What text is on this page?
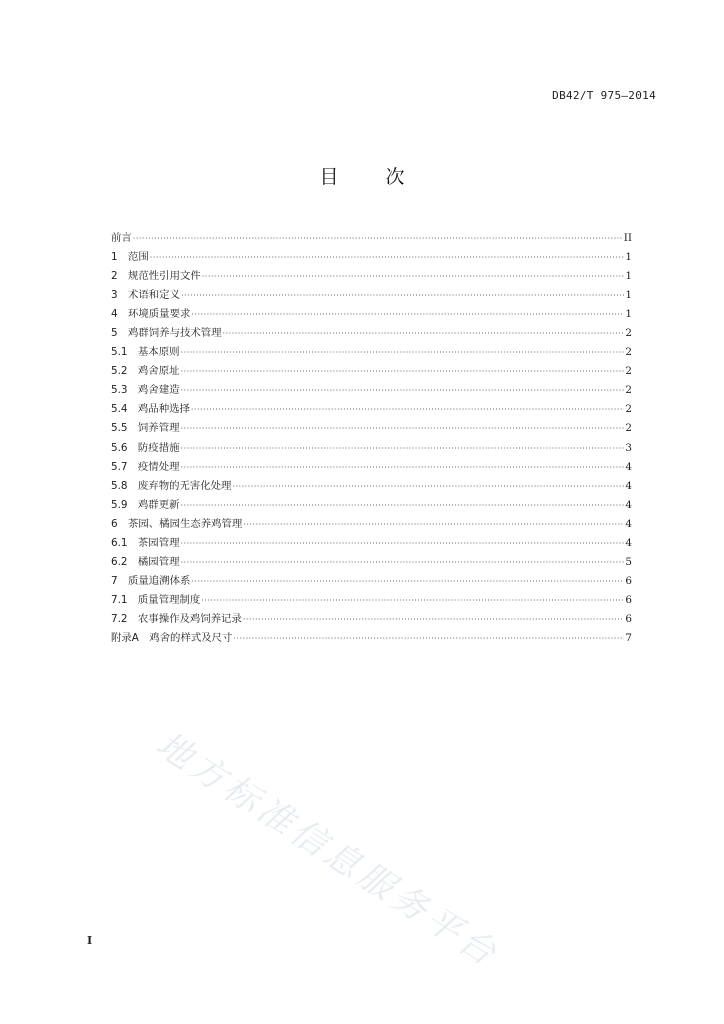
DB42/T 975—2014
目　次
前言 ·····	II
1　 范围 ·····	1
2　 规范性引用文件 ·····	1
3　 术语和定义 ·····	1
4　 环境质量要求 ·····	1
5　 鸡群饲养与技术管理 ·····	2
5.1　 基本原则 ·····	2
5.2　 鸡舍原址 ·····	2
5.3　 鸡舍建造 ·····	2
5.4　 鸡品种选择 ·····	2
5.5　 饲养管理 ·····	2
5.6　 防疫措施 ·····	3
5.7　 疫情处理 ·····	4
5.8　 废弃物的无害化处理 ·····	4
5.9　 鸡群更新 ·····	4
6　 茶园、橘园生态养鸡管理 ·····	4
6.1　 茶园管理 ·····	4
6.2　 橘园管理 ·····	5
7　 质量追溯体系 ·····	6
7.1　 质量管理制度 ·····	6
7.2　 农事操作及鸡饲养记录 ·····	6
附录A　 鸡舍的样式及尺寸 ·····	7
地方标准信息服务平台
I
